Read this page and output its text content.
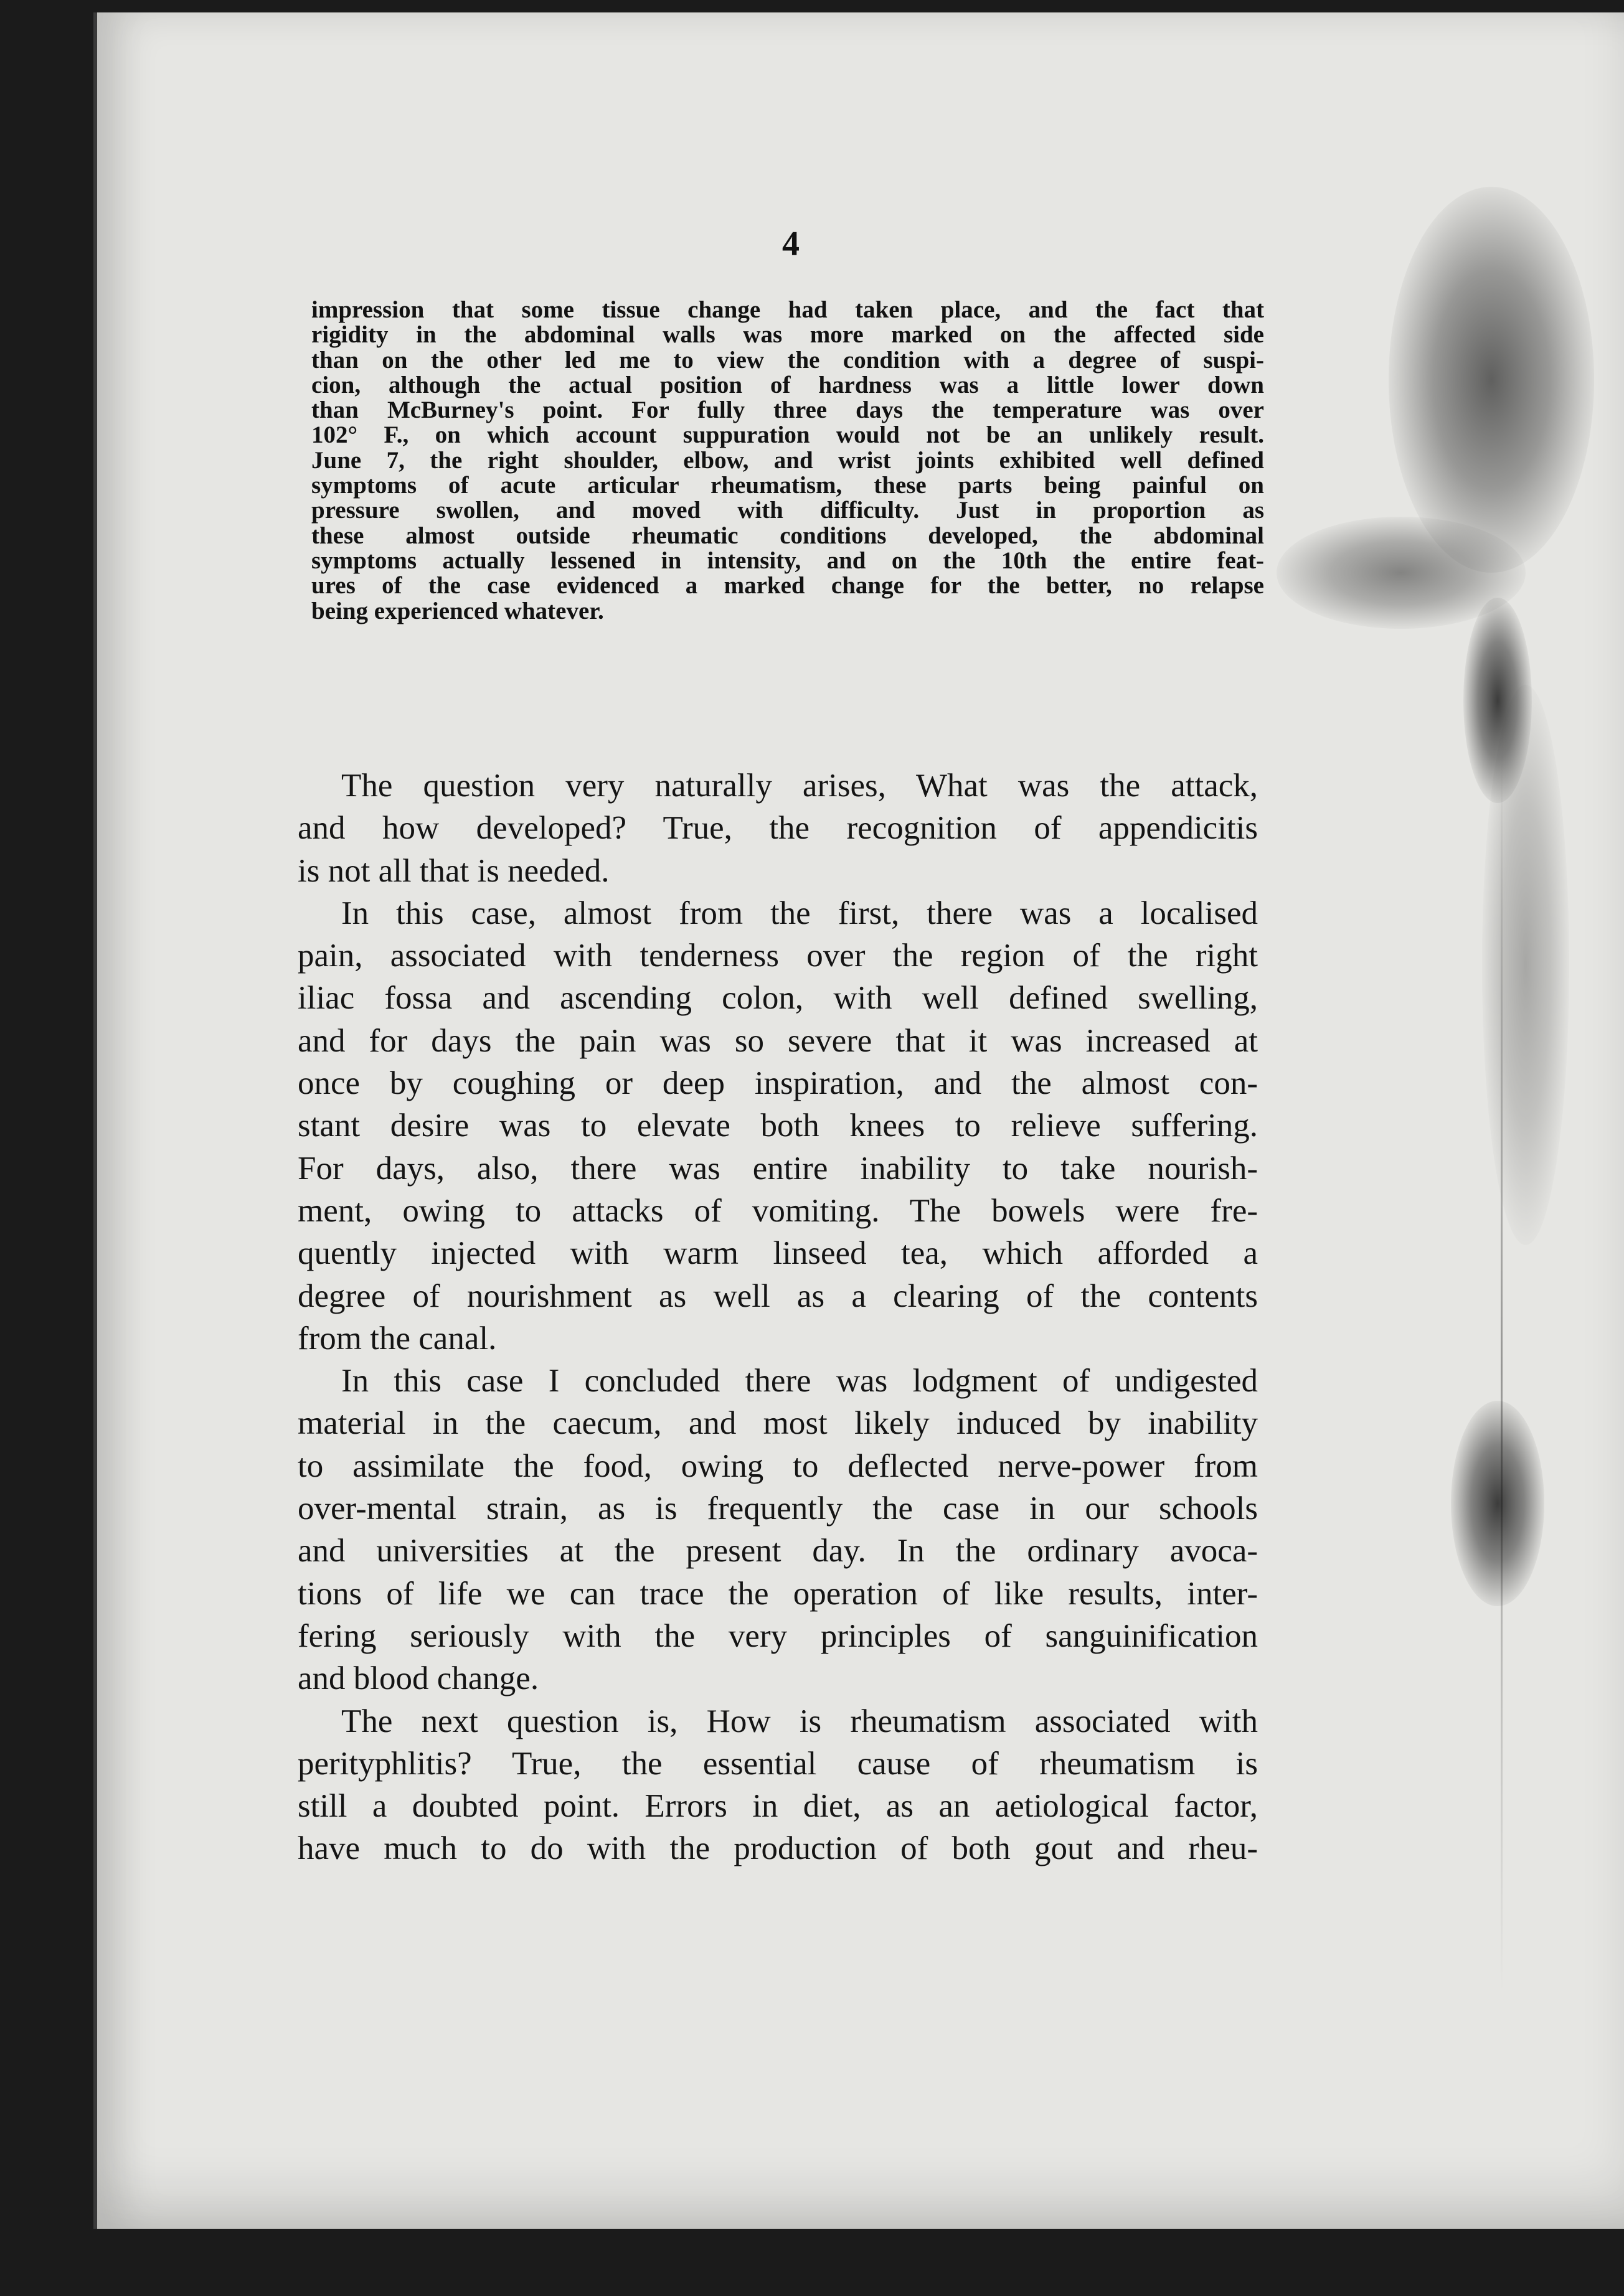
4
impression that some tissue change had taken place, and the fact that
rigidity in the abdominal walls was more marked on the affected side
than on the other led me to view the condition with a degree of suspi-
cion, although the actual position of hardness was a little lower down
than McBurney's point. For fully three days the temperature was over
102° F., on which account suppuration would not be an unlikely result.
June 7, the right shoulder, elbow, and wrist joints exhibited well defined
symptoms of acute articular rheumatism, these parts being painful on
pressure swollen, and moved with difficulty. Just in proportion as
these almost outside rheumatic conditions developed, the abdominal
symptoms actually lessened in intensity, and on the 10th the entire feat-
ures of the case evidenced a marked change for the better, no relapse
being experienced whatever.
The question very naturally arises, What was the attack,
and how developed? True, the recognition of appendicitis
is not all that is needed.
In this case, almost from the first, there was a localised
pain, associated with tenderness over the region of the right
iliac fossa and ascending colon, with well defined swelling,
and for days the pain was so severe that it was increased at
once by coughing or deep inspiration, and the almost con-
stant desire was to elevate both knees to relieve suffering.
For days, also, there was entire inability to take nourish-
ment, owing to attacks of vomiting. The bowels were fre-
quently injected with warm linseed tea, which afforded a
degree of nourishment as well as a clearing of the contents
from the canal.
In this case I concluded there was lodgment of undigested
material in the caecum, and most likely induced by inability
to assimilate the food, owing to deflected nerve-power from
over-mental strain, as is frequently the case in our schools
and universities at the present day. In the ordinary avoca-
tions of life we can trace the operation of like results, inter-
fering seriously with the very principles of sanguinification
and blood change.
The next question is, How is rheumatism associated with
perityphlitis? True, the essential cause of rheumatism is
still a doubted point. Errors in diet, as an aetiological factor,
have much to do with the production of both gout and rheu-
